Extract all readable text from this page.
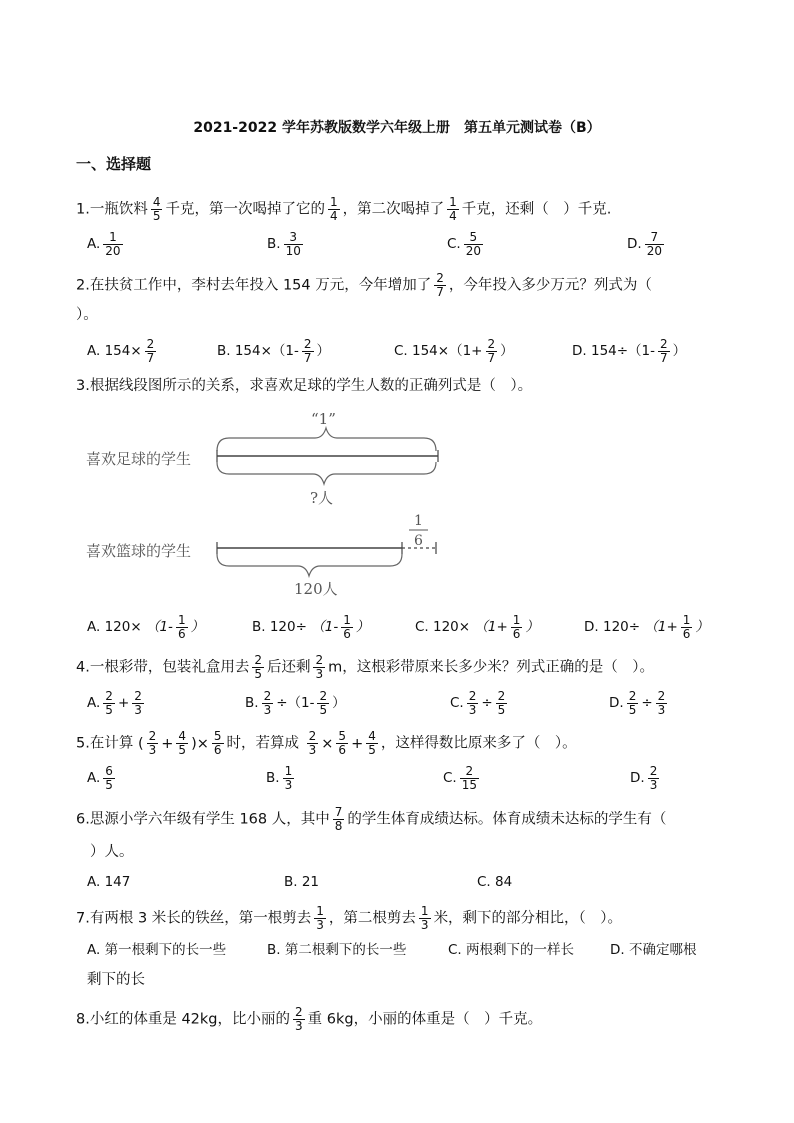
2021-2022 学年苏教版数学六年级上册　第五单元测试卷（B）
一、选择题
1.一瓶饮料 $\frac{4}{5}$ 千克，第一次喝掉了它的 $\frac{1}{4}$ ，第二次喝掉了 $\frac{1}{4}$ 千克，还剩（　）千克.
A. $\frac{1}{20}$	B. $\frac{3}{10}$	C. $\frac{5}{20}$	D. $\frac{7}{20}$
2.在扶贫工作中，李村去年投入 154 万元，今年增加了 $\frac{2}{7}$ ，今年投入多少万元？列式为（
）。
A. $154\times \frac{2}{7}$	B. $154\times(1- \frac{2}{7}$ ）	C. $154\times(1+ \frac{2}{7}$ ）	D. $154\div(1- \frac{2}{7}$ ）
3.根据线段图所示的关系，求喜欢足球的学生人数的正确列式是（　）。
喜欢足球的学生
“1”
?人
喜欢篮球的学生
120人
1
6
A. $120\times (1- \frac{1}{6}$ ）	B. $120\div (1- \frac{1}{6}$ ）	C. $120\times (1+ \frac{1}{6}$ ）	D. $120\div (1+ \frac{1}{6}$ ）
4.一根彩带，包装礼盒用去 $\frac{2}{5}$ 后还剩 $\frac{2}{3}$ m，这根彩带原来长多少米？列式正确的是（　）。
A. $\frac{2}{5} + \frac{2}{3}$	B. $\frac{2}{3} \div(1- \frac{2}{5}$ ）	C. $\frac{2}{3} \div \frac{2}{5}$	D. $\frac{2}{5} \div \frac{2}{3}$
5.在计算 ( $\frac{2}{3} + \frac{4}{5}$ )× $\frac{5}{6}$ 时，若算成 $\frac{2}{3} \times \frac{5}{6} + \frac{4}{5}$ ，这样得数比原来多了（　）。
A. $\frac{6}{5}$	B. $\frac{1}{3}$	C. $\frac{2}{15}$	D. $\frac{2}{3}$
6.思源小学六年级有学生 168 人，其中 $\frac{7}{8}$ 的学生体育成绩达标。体育成绩未达标的学生有（
）人。
A. 147	B. 21	C. 84
7.有两根 3 米长的铁丝，第一根剪去 $\frac{1}{3}$ ，第二根剪去 $\frac{1}{3}$ 米，剩下的部分相比，（　）。
A. 第一根剩下的长一些	B. 第二根剩下的长一些	C. 两根剩下的一样长	D. 不确定哪根
剩下的长
8.小红的体重是 42kg，比小丽的 $\frac{2}{3}$ 重 6kg，小丽的体重是（　）千克。
